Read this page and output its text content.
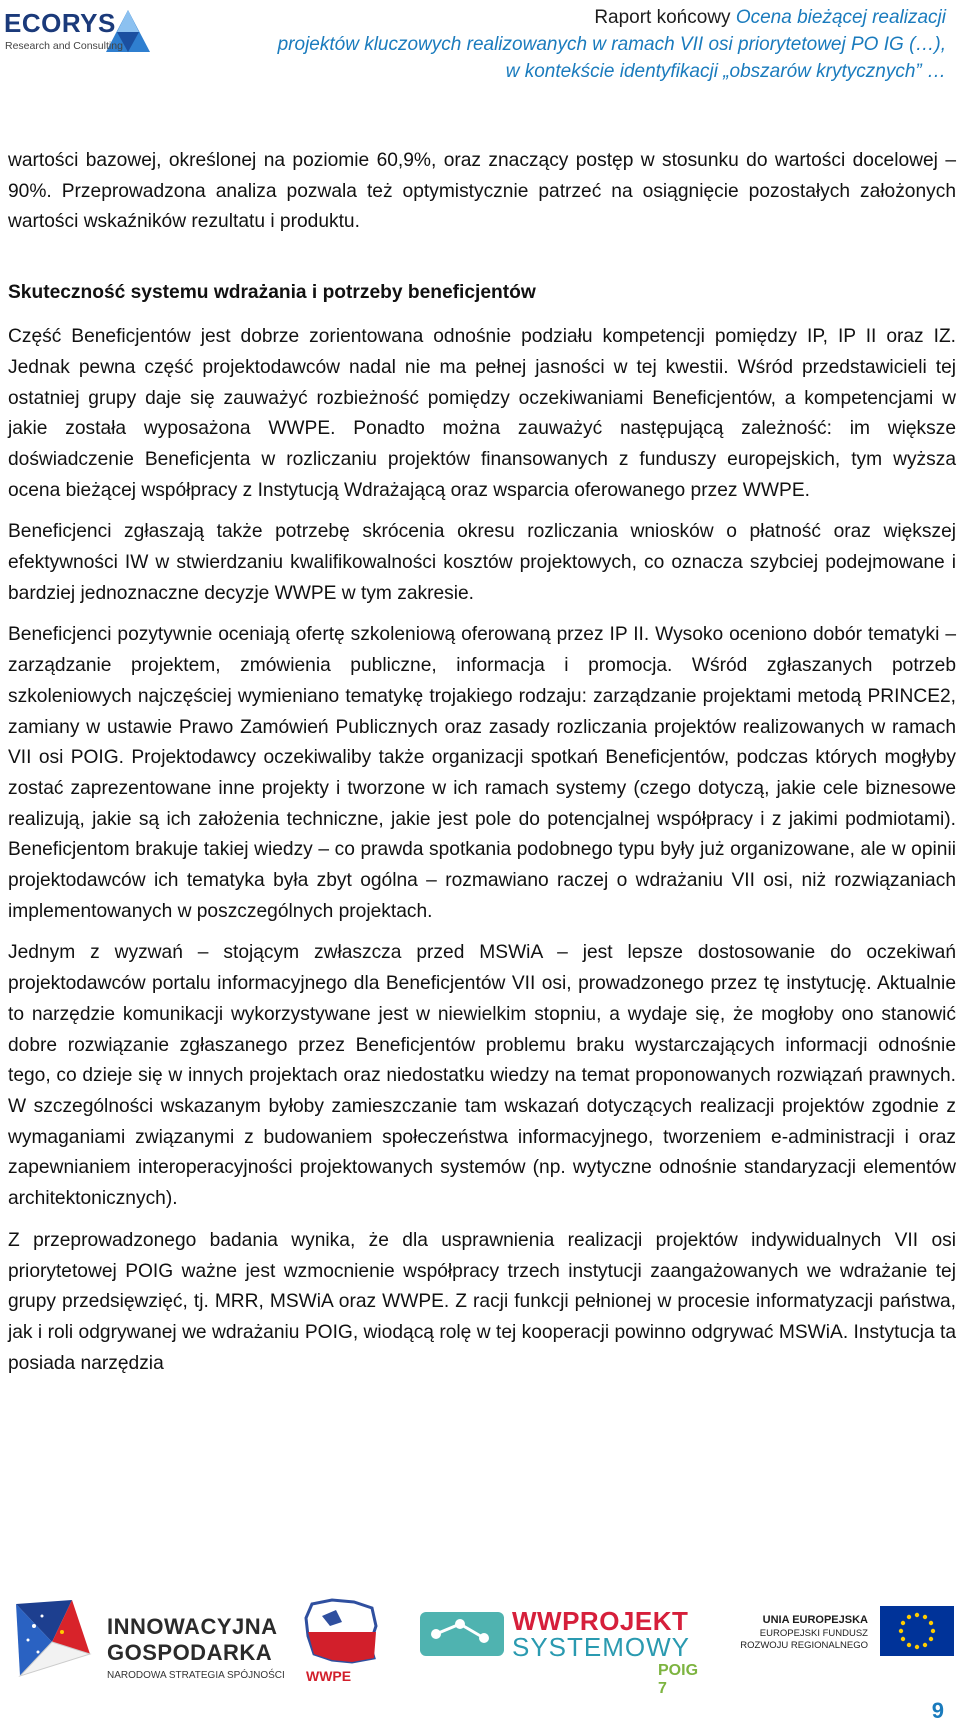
ECORYS
Research and Consulting
Raport końcowy Ocena bieżącej realizacji
projektów kluczowych realizowanych w ramach VII osi priorytetowej PO IG (…),
w kontekście identyfikacji „obszarów krytycznych” …

wartości bazowej, określonej na poziomie 60,9%, oraz znaczący postęp w stosunku do wartości docelowej – 90%. Przeprowadzona analiza pozwala też optymistycznie patrzeć na osiągnięcie pozostałych założonych wartości wskaźników rezultatu i produktu.

Skuteczność systemu wdrażania i potrzeby beneficjentów

Część Beneficjentów jest dobrze zorientowana odnośnie podziału kompetencji pomiędzy IP, IP II oraz IZ. Jednak pewna część projektodawców nadal nie ma pełnej jasności w tej kwestii. Wśród przedstawicieli tej ostatniej grupy daje się zauważyć rozbieżność pomiędzy oczekiwaniami Beneficjentów, a kompetencjami w jakie została wyposażona WWPE. Ponadto można zauważyć następującą zależność: im większe doświadczenie Beneficjenta w rozliczaniu projektów finansowanych z funduszy europejskich, tym wyższa ocena bieżącej współpracy z Instytucją Wdrażającą oraz wsparcia oferowanego przez WWPE.

Beneficjenci zgłaszają także potrzebę skrócenia okresu rozliczania wniosków o płatność oraz większej efektywności IW w stwierdzaniu kwalifikowalności kosztów projektowych, co oznacza szybciej podejmowane i bardziej jednoznaczne decyzje WWPE w tym zakresie.

Beneficjenci pozytywnie oceniają ofertę szkoleniową oferowaną przez IP II. Wysoko oceniono dobór tematyki – zarządzanie projektem, zmówienia publiczne, informacja i promocja. Wśród zgłaszanych potrzeb szkoleniowych najczęściej wymieniano tematykę trojakiego rodzaju: zarządzanie projektami metodą PRINCE2, zamiany w ustawie Prawo Zamówień Publicznych oraz zasady rozliczania projektów realizowanych w ramach VII osi POIG. Projektodawcy oczekiwaliby także organizacji spotkań Beneficjentów, podczas których mogłyby zostać zaprezentowane inne projekty i tworzone w ich ramach systemy (czego dotyczą, jakie cele biznesowe realizują, jakie są ich założenia techniczne, jakie jest pole do potencjalnej współpracy i z jakimi podmiotami). Beneficjentom brakuje takiej wiedzy – co prawda spotkania podobnego typu były już organizowane, ale w opinii projektodawców ich tematyka była zbyt ogólna – rozmawiano raczej o wdrażaniu VII osi, niż rozwiązaniach implementowanych w poszczególnych projektach.

Jednym z wyzwań – stojącym zwłaszcza przed MSWiA – jest lepsze dostosowanie do oczekiwań projektodawców portalu informacyjnego dla Beneficjentów VII osi, prowadzonego przez tę instytucję. Aktualnie to narzędzie komunikacji wykorzystywane jest w niewielkim stopniu, a wydaje się, że mogłoby ono stanowić dobre rozwiązanie zgłaszanego przez Beneficjentów problemu braku wystarczających informacji odnośnie tego, co dzieje się w innych projektach oraz niedostatku wiedzy na temat proponowanych rozwiązań prawnych. W szczególności wskazanym byłoby zamieszczanie tam wskazań dotyczących realizacji projektów zgodnie z wymaganiami związanymi z budowaniem społeczeństwa informacyjnego, tworzeniem e-administracji i oraz zapewnianiem interoperacyjności projektowanych systemów (np. wytyczne odnośnie standaryzacji elementów architektonicznych).

Z przeprowadzonego badania wynika, że dla usprawnienia realizacji projektów indywidualnych VII osi priorytetowej POIG ważne jest wzmocnienie współpracy trzech instytucji zaangażowanych we wdrażanie tej grupy przedsięwzięć, tj. MRR, MSWiA oraz WWPE. Z racji funkcji pełnionej w procesie informatyzacji państwa, jak i roli odgrywanej we wdrażaniu POIG, wiodącą rolę w tej kooperacji powinno odgrywać MSWiA. Instytucja ta posiada narzędzia

INNOWACYJNA
GOSPODARKA
NARODOWA STRATEGIA SPÓJNOŚCI WWPE
WWPROJEKT
SYSTEMOWY
POIG 7
UNIA EUROPEJSKA
EUROPEJSKI FUNDUSZ
ROZWOJU REGIONALNEGO
9
